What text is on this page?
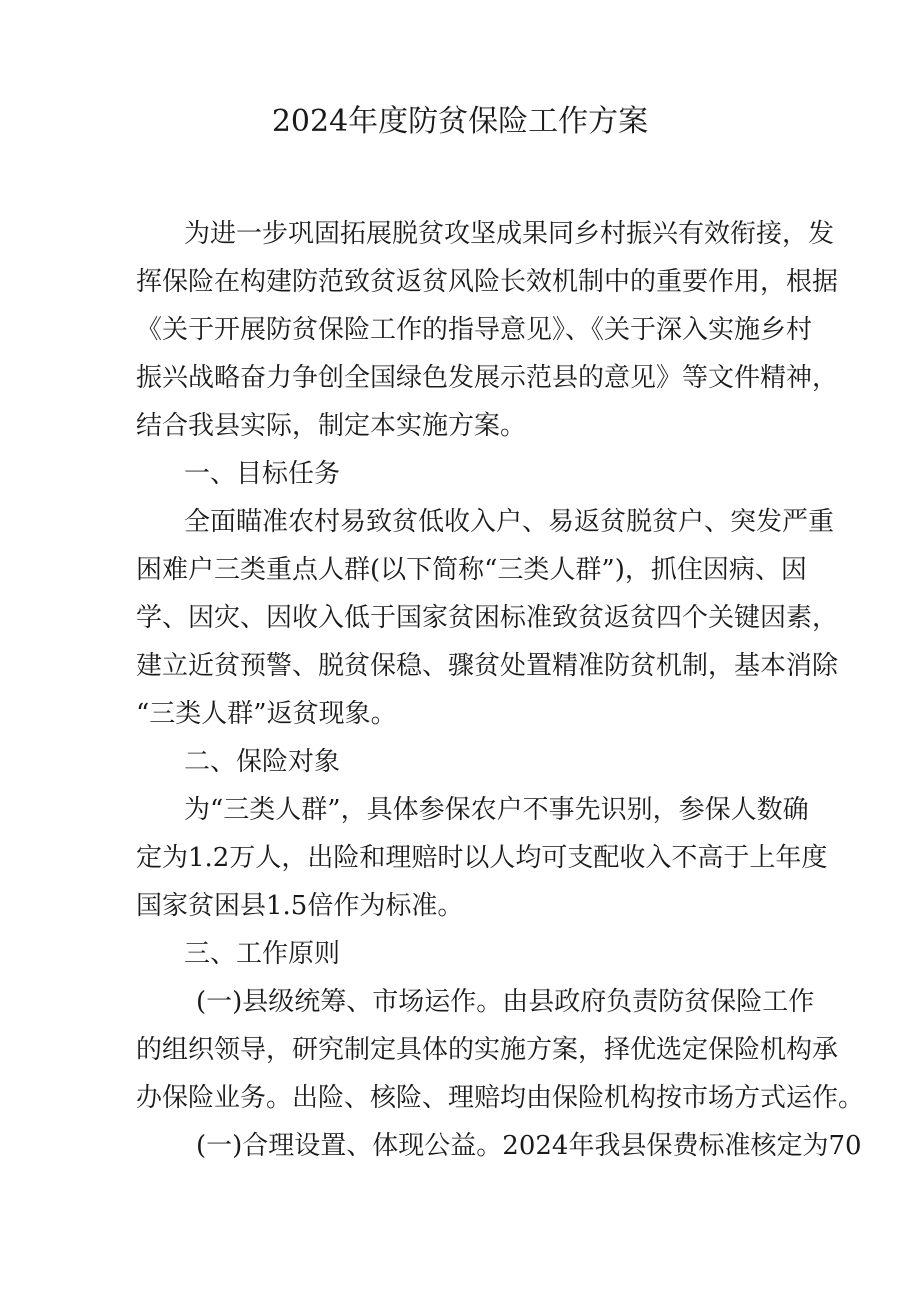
2024年度防贫保险工作方案

为进一步巩固拓展脱贫攻坚成果同乡村振兴有效衔接，发

挥保险在构建防范致贫返贫风险长效机制中的重要作用，根据

《关于开展防贫保险工作的指导意见》、《关于深入实施乡村

振兴战略奋力争创全国绿色发展示范县的意见》等文件精神，

结合我县实际，制定本实施方案。

一、目标任务

全面瞄准农村易致贫低收入户、易返贫脱贫户、突发严重

困难户三类重点人群(以下简称“三类人群”)，抓住因病、因

学、因灾、因收入低于国家贫困标准致贫返贫四个关键因素，

建立近贫预警、脱贫保稳、骤贫处置精准防贫机制，基本消除

“三类人群”返贫现象。

二、保险对象

为“三类人群”，具体参保农户不事先识别，参保人数确

定为1.2万人，出险和理赔时以人均可支配收入不高于上年度

国家贫困县1.5倍作为标准。

三、工作原则

(一)县级统筹、市场运作。由县政府负责防贫保险工作

的组织领导，研究制定具体的实施方案，择优选定保险机构承

办保险业务。出险、核险、理赔均由保险机构按市场方式运作。

(一)合理设置、体现公益。2024年我县保费标准核定为70
